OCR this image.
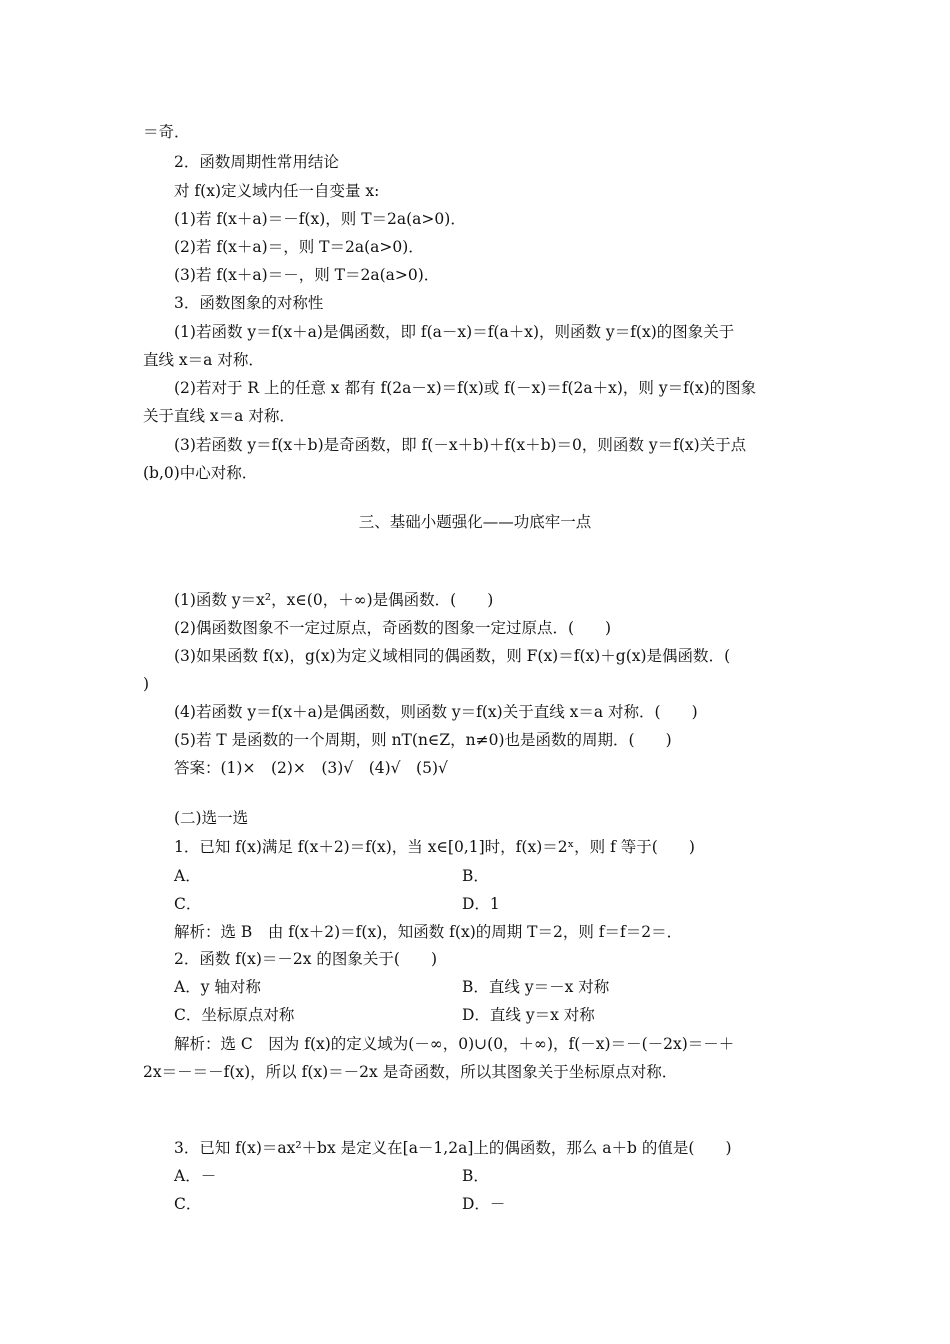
＝奇．
2．函数周期性常用结论
对 f(x)定义域内任一自变量 x:
(1)若 f(x＋a)＝－f(x)，则 T＝2a(a>0)．
(2)若 f(x＋a)＝，则 T＝2a(a>0)．
(3)若 f(x＋a)＝－，则 T＝2a(a>0)．
3．函数图象的对称性
(1)若函数 y＝f(x＋a)是偶函数，即 f(a－x)＝f(a＋x)，则函数 y＝f(x)的图象关于
直线 x＝a 对称．
(2)若对于 R 上的任意 x 都有 f(2a－x)＝f(x)或 f(－x)＝f(2a＋x)，则 y＝f(x)的图象
关于直线 x＝a 对称．
(3)若函数 y＝f(x＋b)是奇函数，即 f(－x＋b)＋f(x＋b)＝0，则函数 y＝f(x)关于点
(b,0)中心对称．
三、基础小题强化——功底牢一点
(1)函数 y＝x²，x∈(0，＋∞)是偶函数．(　　)
(2)偶函数图象不一定过原点，奇函数的图象一定过原点．(　　)
(3)如果函数 f(x)，g(x)为定义域相同的偶函数，则 F(x)＝f(x)＋g(x)是偶函数．(
)
(4)若函数 y＝f(x＋a)是偶函数，则函数 y＝f(x)关于直线 x＝a 对称．(　　)
(5)若 T 是函数的一个周期，则 nT(n∈Z，n≠0)也是函数的周期．(　　)
答案：(1)×　(2)×　(3)√　(4)√　(5)√
(二)选一选
1．已知 f(x)满足 f(x＋2)＝f(x)，当 x∈[0,1]时，f(x)＝2ˣ，则 f 等于(　　)
A．	B．
C．	D．1
解析：选 B　由 f(x＋2)＝f(x)，知函数 f(x)的周期 T＝2，则 f＝f＝2＝．
2．函数 f(x)＝－2x 的图象关于(　　)
A．y 轴对称	B．直线 y＝－x 对称
C．坐标原点对称	D．直线 y＝x 对称
解析：选 C　因为 f(x)的定义域为(－∞，0)∪(0，＋∞)，f(－x)＝－(－2x)＝－＋
2x＝－＝－f(x)，所以 f(x)＝－2x 是奇函数，所以其图象关于坐标原点对称．
3．已知 f(x)＝ax²＋bx 是定义在[a－1,2a]上的偶函数，那么 a＋b 的值是(　　)
A．－	B．
C．	D．－
